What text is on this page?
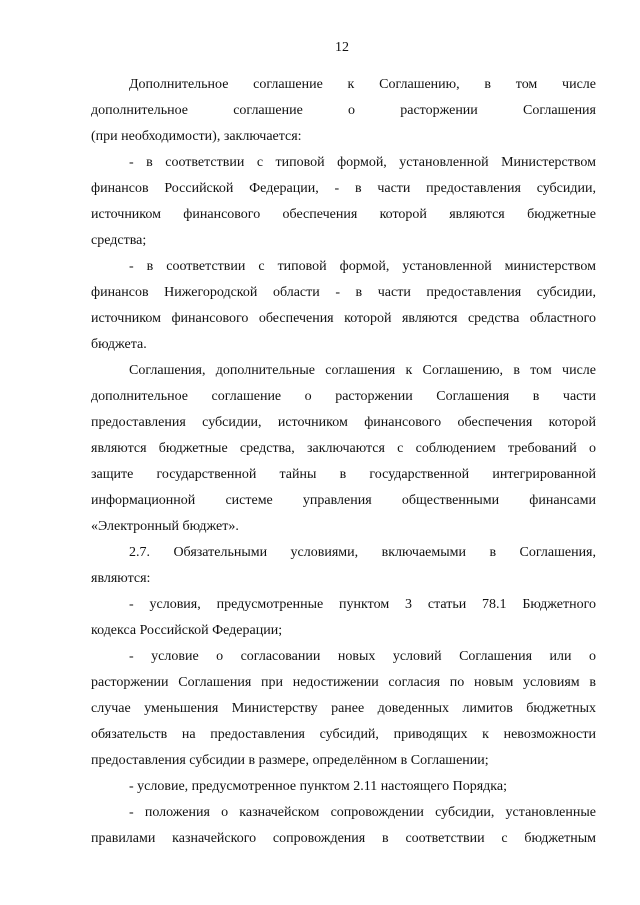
12

Дополнительное соглашение к Соглашению, в том числе
дополнительное соглашение о расторжении Соглашения
(при необходимости), заключается:

- в соответствии с типовой формой, установленной Министерством
финансов Российской Федерации, - в части предоставления субсидии,
источником финансового обеспечения которой являются бюджетные
средства;

- в соответствии с типовой формой, установленной министерством
финансов Нижегородской области - в части предоставления субсидии,
источником финансового обеспечения которой являются средства областного
бюджета.

Соглашения, дополнительные соглашения к Соглашению, в том числе
дополнительное соглашение о расторжении Соглашения в части
предоставления субсидии, источником финансового обеспечения которой
являются бюджетные средства, заключаются с соблюдением требований о
защите государственной тайны в государственной интегрированной
информационной системе управления общественными финансами
«Электронный бюджет».

2.7. Обязательными условиями, включаемыми в Соглашения,
являются:

- условия, предусмотренные пунктом 3 статьи 78.1 Бюджетного
кодекса Российской Федерации;

- условие о согласовании новых условий Соглашения или о
расторжении Соглашения при недостижении согласия по новым условиям в
случае уменьшения Министерству ранее доведенных лимитов бюджетных
обязательств на предоставления субсидий, приводящих к невозможности
предоставления субсидии в размере, определённом в Соглашении;

- условие, предусмотренное пунктом 2.11 настоящего Порядка;

- положения о казначейском сопровождении субсидии, установленные
правилами казначейского сопровождения в соответствии с бюджетным
